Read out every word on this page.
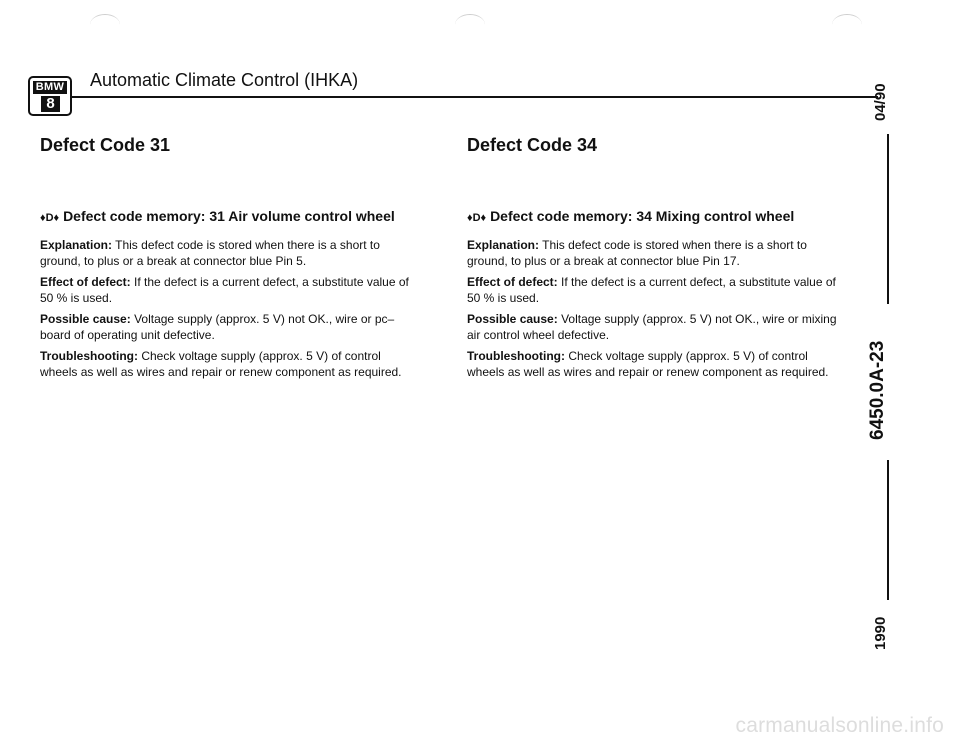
BMW
8
Automatic Climate Control (IHKA)
Defect Code 31	Defect Code 34
♦D♦ Defect code memory: 31 Air volume control wheel

Explanation: This defect code is stored when there is a short to ground, to plus or a break at connector blue Pin 5.

Effect of defect: If the defect is a current defect, a substitute value of 50 % is used.

Possible cause: Voltage supply (approx. 5 V) not OK., wire or pc–board of operating unit defective.

Troubleshooting: Check voltage supply (approx. 5 V) of control wheels as well as wires and repair or renew component as required.

♦D♦ Defect code memory: 34 Mixing control wheel

Explanation: This defect code is stored when there is a short to ground, to plus or a break at connector blue Pin 17.

Effect of defect: If the defect is a current defect, a substitute value of 50 % is used.

Possible cause: Voltage supply (approx. 5 V) not OK., wire or mixing air control wheel defective.

Troubleshooting: Check voltage supply (approx. 5 V) of control wheels as well as wires and repair or renew component as required.

04/90
6450.0A-23
1990
carmanualsonline.info
